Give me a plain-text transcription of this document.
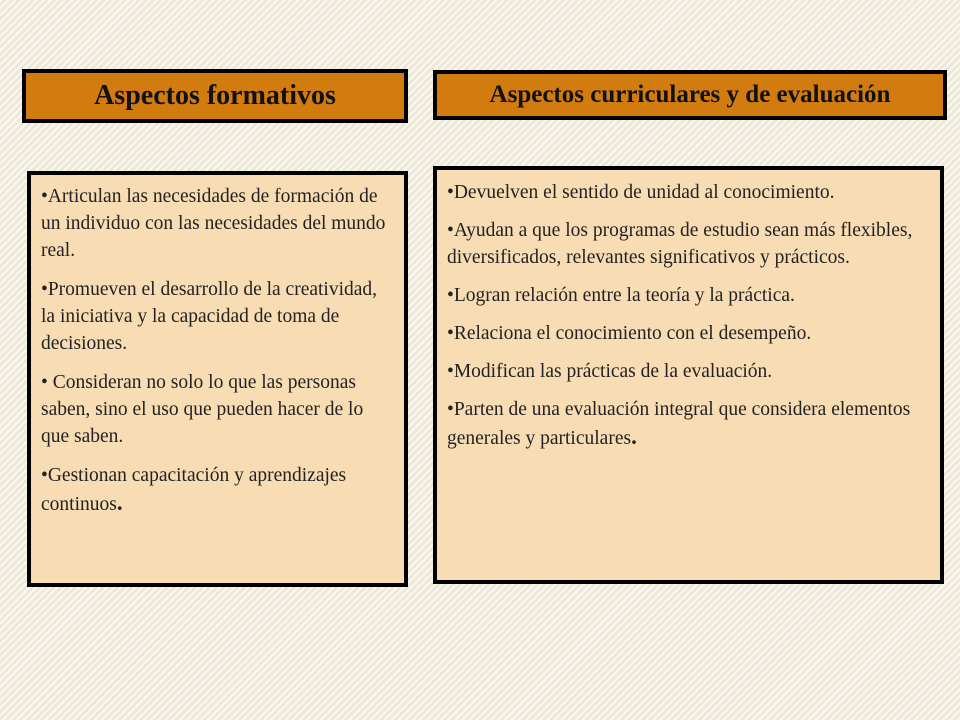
Aspectos formativos	Aspectos curriculares y de evaluación

•Articulan las necesidades de formación de un individuo con las necesidades del mundo real.

•Promueven el desarrollo de la creatividad, la iniciativa y la capacidad de toma de decisiones.

• Consideran no solo lo que las personas saben, sino el uso que pueden hacer de lo que saben.

•Gestionan capacitación y aprendizajes continuos.

•Devuelven el sentido de unidad al conocimiento.

•Ayudan a que los programas de estudio sean más flexibles, diversificados, relevantes significativos y prácticos.

•Logran relación entre la teoría y la práctica.

•Relaciona el conocimiento con el desempeño.

•Modifican las prácticas de la evaluación.

•Parten de una evaluación integral que considera elementos generales y particulares.
